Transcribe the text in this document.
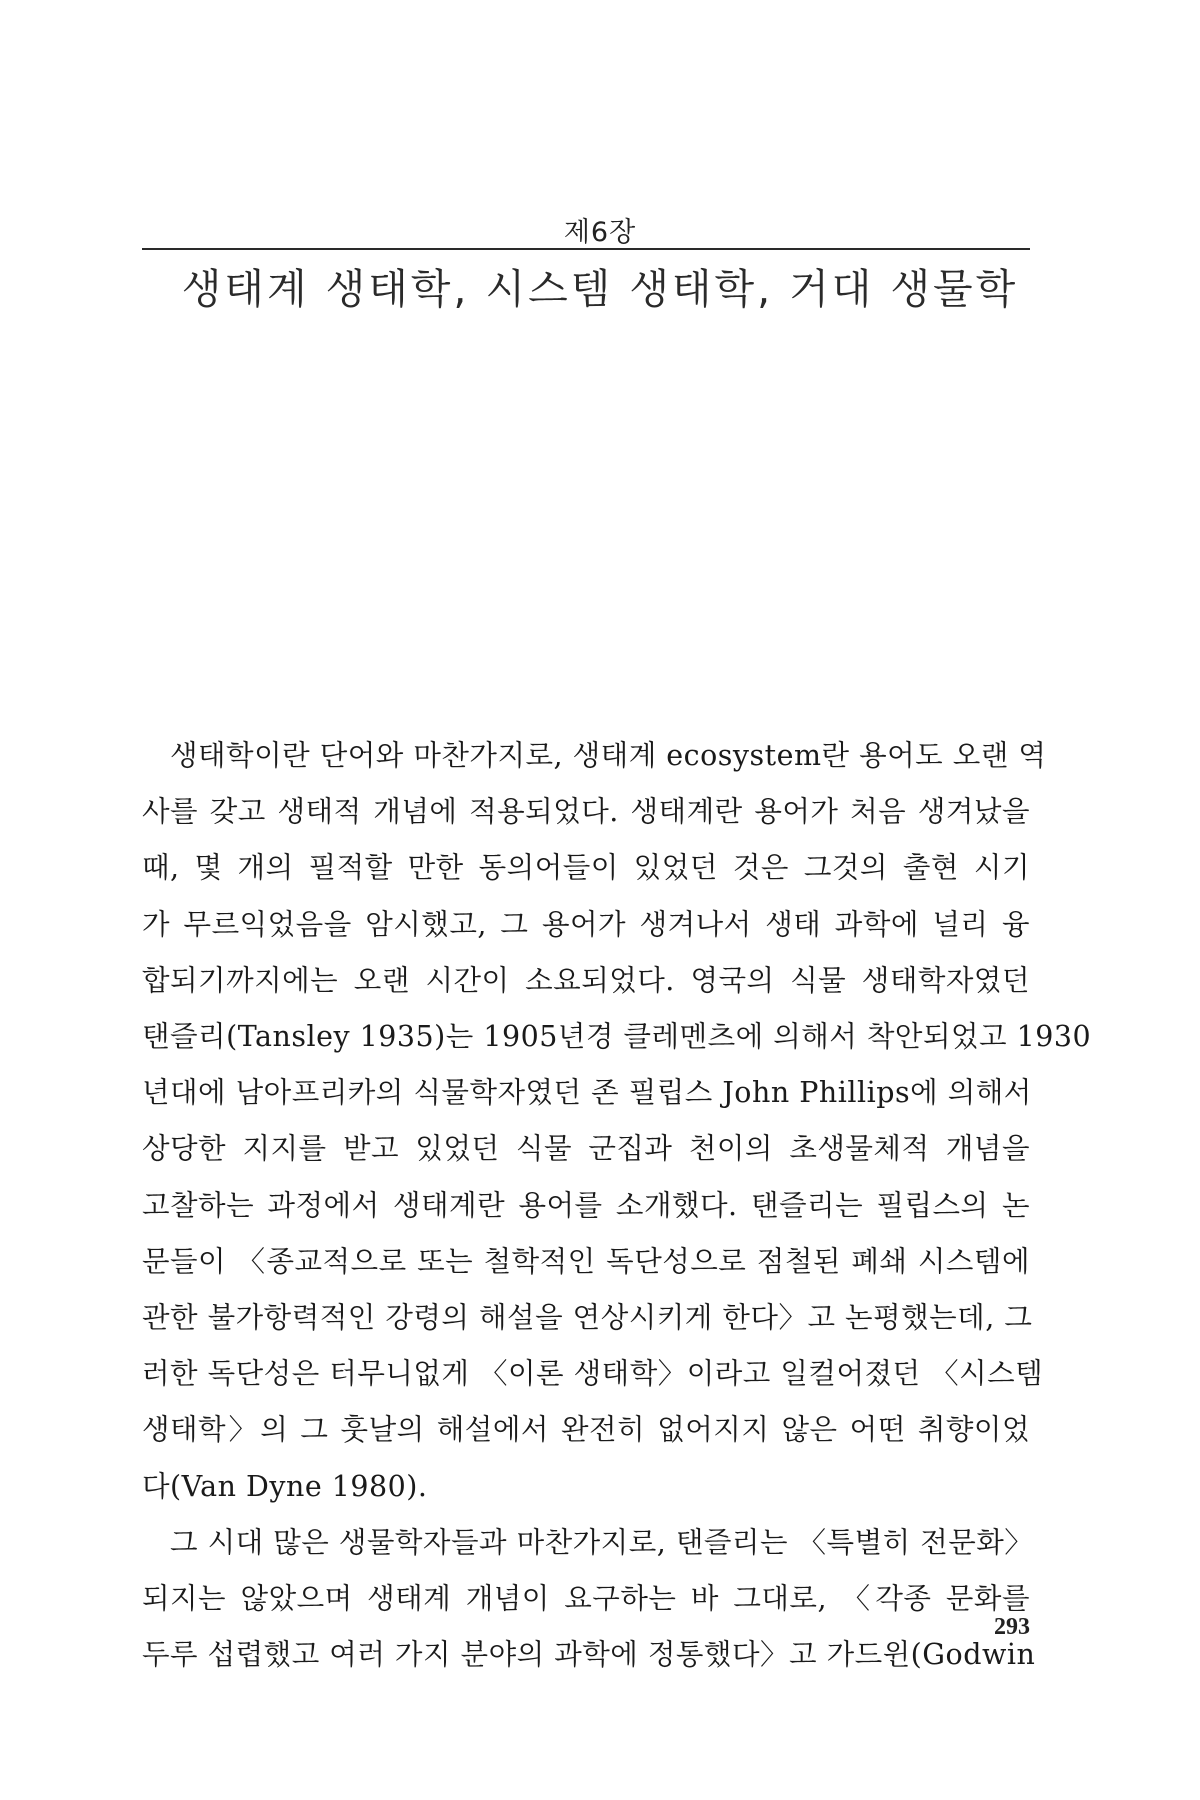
제6장
생태계 생태학, 시스템 생태학, 거대 생물학
생태학이란 단어와 마찬가지로, 생태계 ecosystem란 용어도 오랜 역
사를 갖고 생태적 개념에 적용되었다. 생태계란 용어가 처음 생겨났을
때, 몇 개의 필적할 만한 동의어들이 있었던 것은 그것의 출현 시기
가 무르익었음을 암시했고, 그 용어가 생겨나서 생태 과학에 널리 융
합되기까지에는 오랜 시간이 소요되었다. 영국의 식물 생태학자였던
탠즐리(Tansley 1935)는 1905년경 클레멘츠에 의해서 착안되었고 1930
년대에 남아프리카의 식물학자였던 존 필립스 John Phillips에 의해서
상당한 지지를 받고 있었던 식물 군집과 천이의 초생물체적 개념을
고찰하는 과정에서 생태계란 용어를 소개했다. 탠즐리는 필립스의 논
문들이 〈종교적으로 또는 철학적인 독단성으로 점철된 폐쇄 시스템에
관한 불가항력적인 강령의 해설을 연상시키게 한다〉고 논평했는데, 그
러한 독단성은 터무니없게 〈이론 생태학〉이라고 일컬어졌던 〈시스템
생태학〉의 그 훗날의 해설에서 완전히 없어지지 않은 어떤 취향이었
다(Van Dyne 1980).
그 시대 많은 생물학자들과 마찬가지로, 탠즐리는 〈특별히 전문화〉
되지는 않았으며 생태계 개념이 요구하는 바 그대로, 〈각종 문화를
두루 섭렵했고 여러 가지 분야의 과학에 정통했다〉고 가드윈(Godwin
293
